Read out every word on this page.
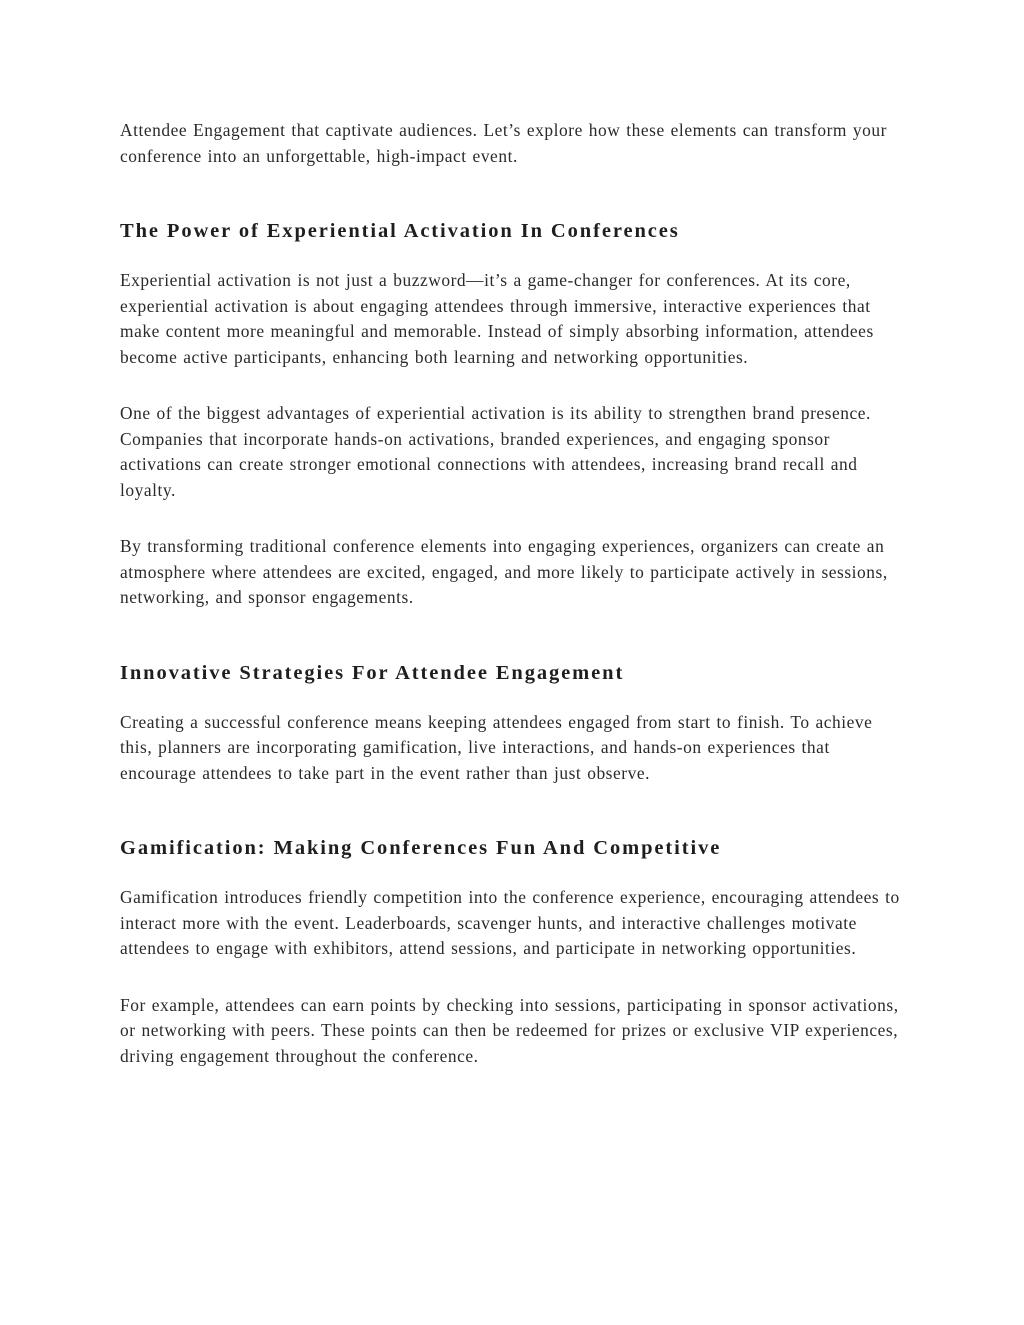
Attendee Engagement that captivate audiences. Let’s explore how these elements can transform your conference into an unforgettable, high-impact event.

The Power of Experiential Activation In Conferences

Experiential activation is not just a buzzword—it’s a game-changer for conferences. At its core, experiential activation is about engaging attendees through immersive, interactive experiences that make content more meaningful and memorable. Instead of simply absorbing information, attendees become active participants, enhancing both learning and networking opportunities.

One of the biggest advantages of experiential activation is its ability to strengthen brand presence. Companies that incorporate hands-on activations, branded experiences, and engaging sponsor activations can create stronger emotional connections with attendees, increasing brand recall and loyalty.

By transforming traditional conference elements into engaging experiences, organizers can create an atmosphere where attendees are excited, engaged, and more likely to participate actively in sessions, networking, and sponsor engagements.

Innovative Strategies For Attendee Engagement

Creating a successful conference means keeping attendees engaged from start to finish. To achieve this, planners are incorporating gamification, live interactions, and hands-on experiences that encourage attendees to take part in the event rather than just observe.

Gamification: Making Conferences Fun And Competitive

Gamification introduces friendly competition into the conference experience, encouraging attendees to interact more with the event. Leaderboards, scavenger hunts, and interactive challenges motivate attendees to engage with exhibitors, attend sessions, and participate in networking opportunities.

For example, attendees can earn points by checking into sessions, participating in sponsor activations, or networking with peers. These points can then be redeemed for prizes or exclusive VIP experiences, driving engagement throughout the conference.
